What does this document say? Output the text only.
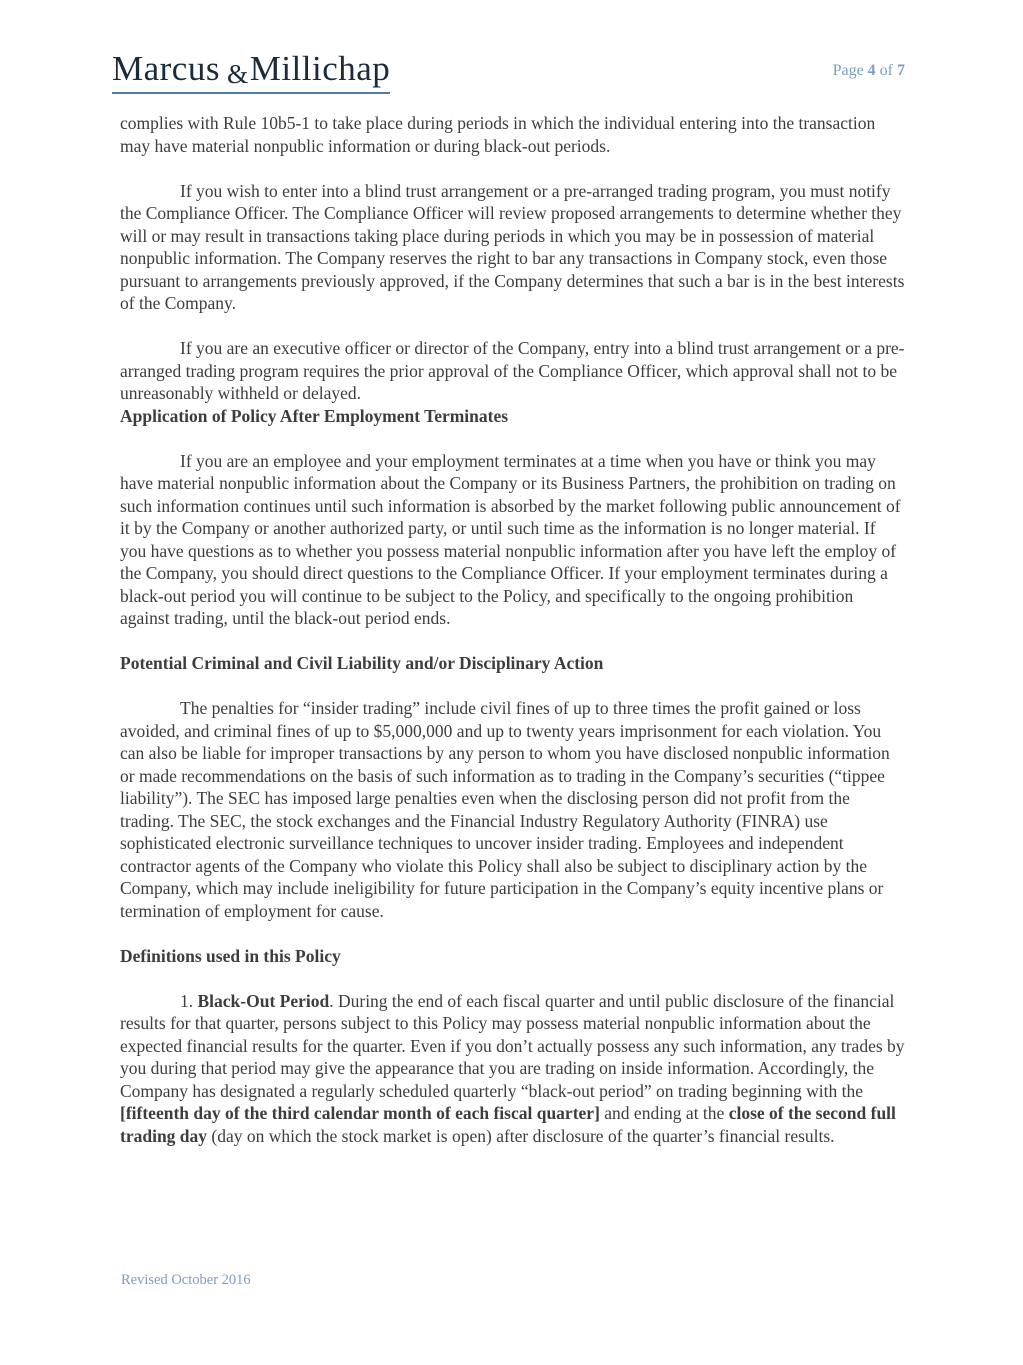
Marcus &Millichap	Page 4 of 7

complies with Rule 10b5-1 to take place during periods in which the individual entering into the transaction may have material nonpublic information or during black-out periods.

If you wish to enter into a blind trust arrangement or a pre-arranged trading program, you must notify the Compliance Officer. The Compliance Officer will review proposed arrangements to determine whether they will or may result in transactions taking place during periods in which you may be in possession of material nonpublic information. The Company reserves the right to bar any transactions in Company stock, even those pursuant to arrangements previously approved, if the Company determines that such a bar is in the best interests of the Company.

If you are an executive officer or director of the Company, entry into a blind trust arrangement or a pre-arranged trading program requires the prior approval of the Compliance Officer, which approval shall not to be unreasonably withheld or delayed.

Application of Policy After Employment Terminates

If you are an employee and your employment terminates at a time when you have or think you may have material nonpublic information about the Company or its Business Partners, the prohibition on trading on such information continues until such information is absorbed by the market following public announcement of it by the Company or another authorized party, or until such time as the information is no longer material. If you have questions as to whether you possess material nonpublic information after you have left the employ of the Company, you should direct questions to the Compliance Officer. If your employment terminates during a black-out period you will continue to be subject to the Policy, and specifically to the ongoing prohibition against trading, until the black-out period ends.

Potential Criminal and Civil Liability and/or Disciplinary Action

The penalties for “insider trading” include civil fines of up to three times the profit gained or loss avoided, and criminal fines of up to $5,000,000 and up to twenty years imprisonment for each violation. You can also be liable for improper transactions by any person to whom you have disclosed nonpublic information or made recommendations on the basis of such information as to trading in the Company’s securities (“tippee liability”). The SEC has imposed large penalties even when the disclosing person did not profit from the trading. The SEC, the stock exchanges and the Financial Industry Regulatory Authority (FINRA) use sophisticated electronic surveillance techniques to uncover insider trading. Employees and independent contractor agents of the Company who violate this Policy shall also be subject to disciplinary action by the Company, which may include ineligibility for future participation in the Company’s equity incentive plans or termination of employment for cause.

Definitions used in this Policy

1. Black-Out Period. During the end of each fiscal quarter and until public disclosure of the financial results for that quarter, persons subject to this Policy may possess material nonpublic information about the expected financial results for the quarter. Even if you don’t actually possess any such information, any trades by you during that period may give the appearance that you are trading on inside information. Accordingly, the Company has designated a regularly scheduled quarterly “black-out period” on trading beginning with the [fifteenth day of the third calendar month of each fiscal quarter] and ending at the close of the second full trading day (day on which the stock market is open) after disclosure of the quarter’s financial results.

Revised October 2016
